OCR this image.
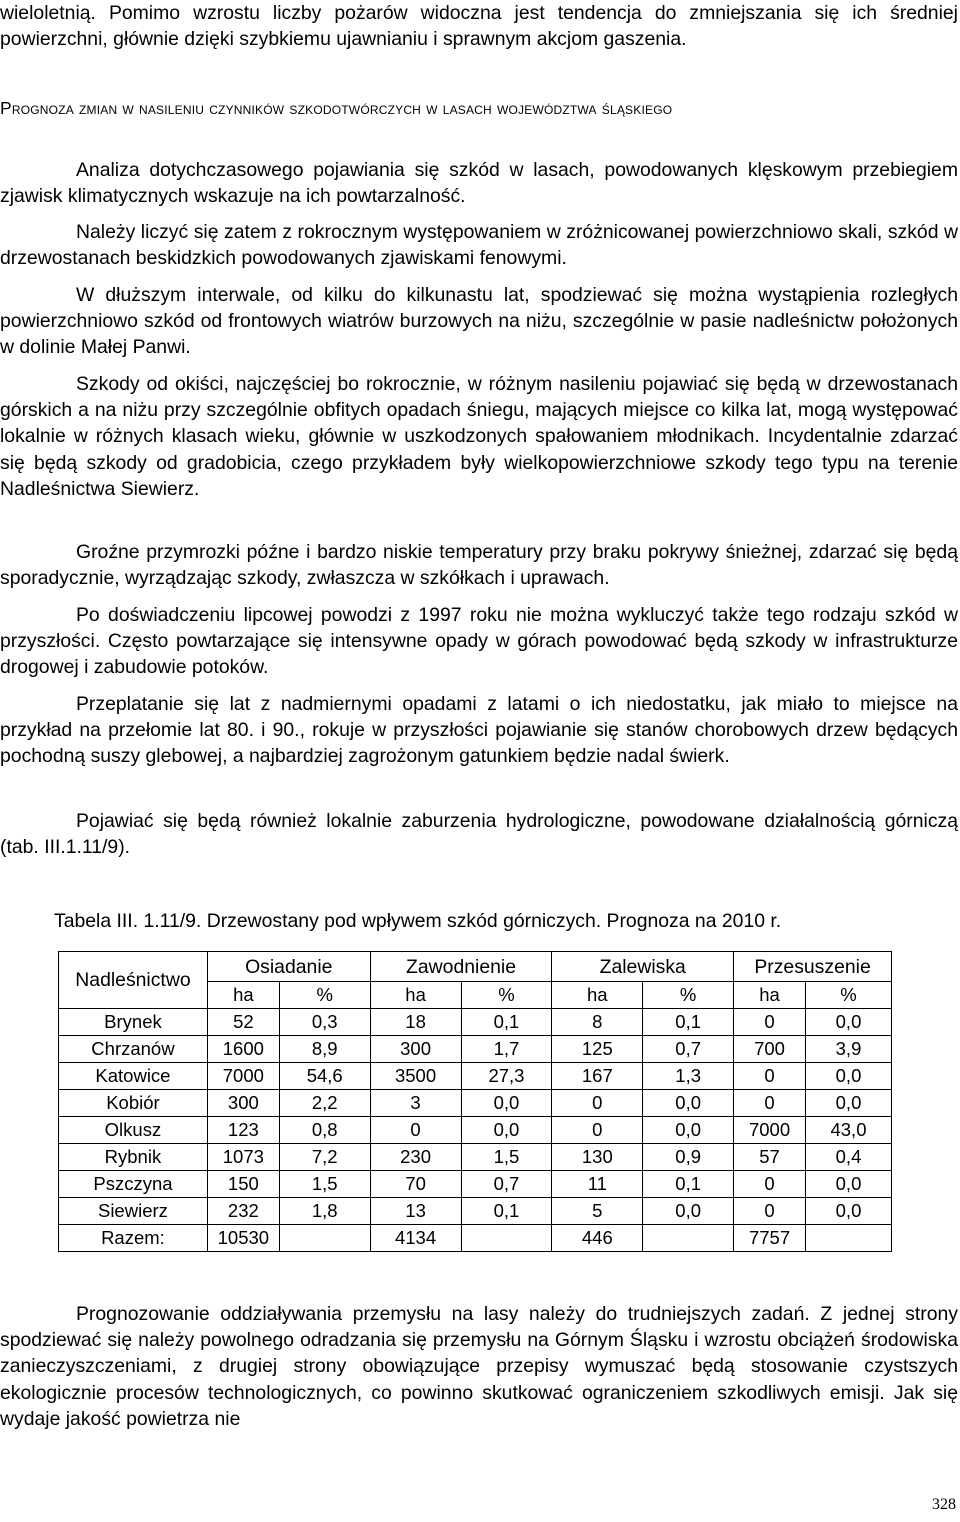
wieloletnią. Pomimo wzrostu liczby pożarów widoczna jest tendencja do zmniejszania się ich średniej powierzchni, głównie dzięki szybkiemu ujawnianiu i sprawnym akcjom gaszenia.

Prognoza zmian w nasileniu czynników szkodotwórczych w lasach województwa śląskiego

Analiza dotychczasowego pojawiania się szkód w lasach, powodowanych klęskowym przebiegiem zjawisk klimatycznych wskazuje na ich powtarzalność.

Należy liczyć się zatem z rokrocznym występowaniem w zróżnicowanej powierzchniowo skali, szkód w drzewostanach beskidzkich powodowanych zjawiskami fenowymi.

W dłuższym interwale, od kilku do kilkunastu lat, spodziewać się można wystąpienia rozległych powierzchniowo szkód od frontowych wiatrów burzowych na niżu, szczególnie w pasie nadleśnictw położonych w dolinie Małej Panwi.

Szkody od okiści, najczęściej bo rokrocznie, w różnym nasileniu pojawiać się będą w drzewostanach górskich a na niżu przy szczególnie obfitych opadach śniegu, mających miejsce co kilka lat, mogą występować lokalnie w różnych klasach wieku, głównie w uszkodzonych spałowaniem młodnikach. Incydentalnie zdarzać się będą szkody od gradobicia, czego przykładem były wielkopowierzchniowe szkody tego typu na terenie Nadleśnictwa Siewierz.

Groźne przymrozki późne i bardzo niskie temperatury przy braku pokrywy śnieżnej, zdarzać się będą sporadycznie, wyrządzając szkody, zwłaszcza w szkółkach i uprawach.

Po doświadczeniu lipcowej powodzi z 1997 roku nie można wykluczyć także tego rodzaju szkód w przyszłości. Często powtarzające się intensywne opady w górach powodować będą szkody w infrastrukturze drogowej i zabudowie potoków.

Przeplatanie się lat z nadmiernymi opadami z latami o ich niedostatku, jak miało to miejsce na przykład na przełomie lat 80. i 90., rokuje w przyszłości pojawianie się stanów chorobowych drzew będących pochodną suszy glebowej, a najbardziej zagrożonym gatunkiem będzie nadal świerk.

Pojawiać się będą również lokalnie zaburzenia hydrologiczne, powodowane działalnością górniczą (tab. III.1.11/9).

Tabela III. 1.11/9. Drzewostany pod wpływem szkód górniczych. Prognoza na 2010 r.
Nadleśnictwo	Osiadanie		Zawodnienie		Zalewiska		Przesuszenie	
	ha	%	ha	%	ha	%	ha	%
Brynek	52	0,3	18	0,1	8	0,1	0	0,0
Chrzanów	1600	8,9	300	1,7	125	0,7	700	3,9
Katowice	7000	54,6	3500	27,3	167	1,3	0	0,0
Kobiór	300	2,2	3	0,0	0	0,0	0	0,0
Olkusz	123	0,8	0	0,0	0	0,0	7000	43,0
Rybnik	1073	7,2	230	1,5	130	0,9	57	0,4
Pszczyna	150	1,5	70	0,7	11	0,1	0	0,0
Siewierz	232	1,8	13	0,1	5	0,0	0	0,0
Razem:	10530		4134		446		7757	

Prognozowanie oddziaływania przemysłu na lasy należy do trudniejszych zadań. Z jednej strony spodziewać się należy powolnego odradzania się przemysłu na Górnym Śląsku i wzrostu obciążeń środowiska zanieczyszczeniami, z drugiej strony obowiązujące przepisy wymuszać będą stosowanie czystszych ekologicznie procesów technologicznych, co powinno skutkować ograniczeniem szkodliwych emisji. Jak się wydaje jakość powietrza nie

328
